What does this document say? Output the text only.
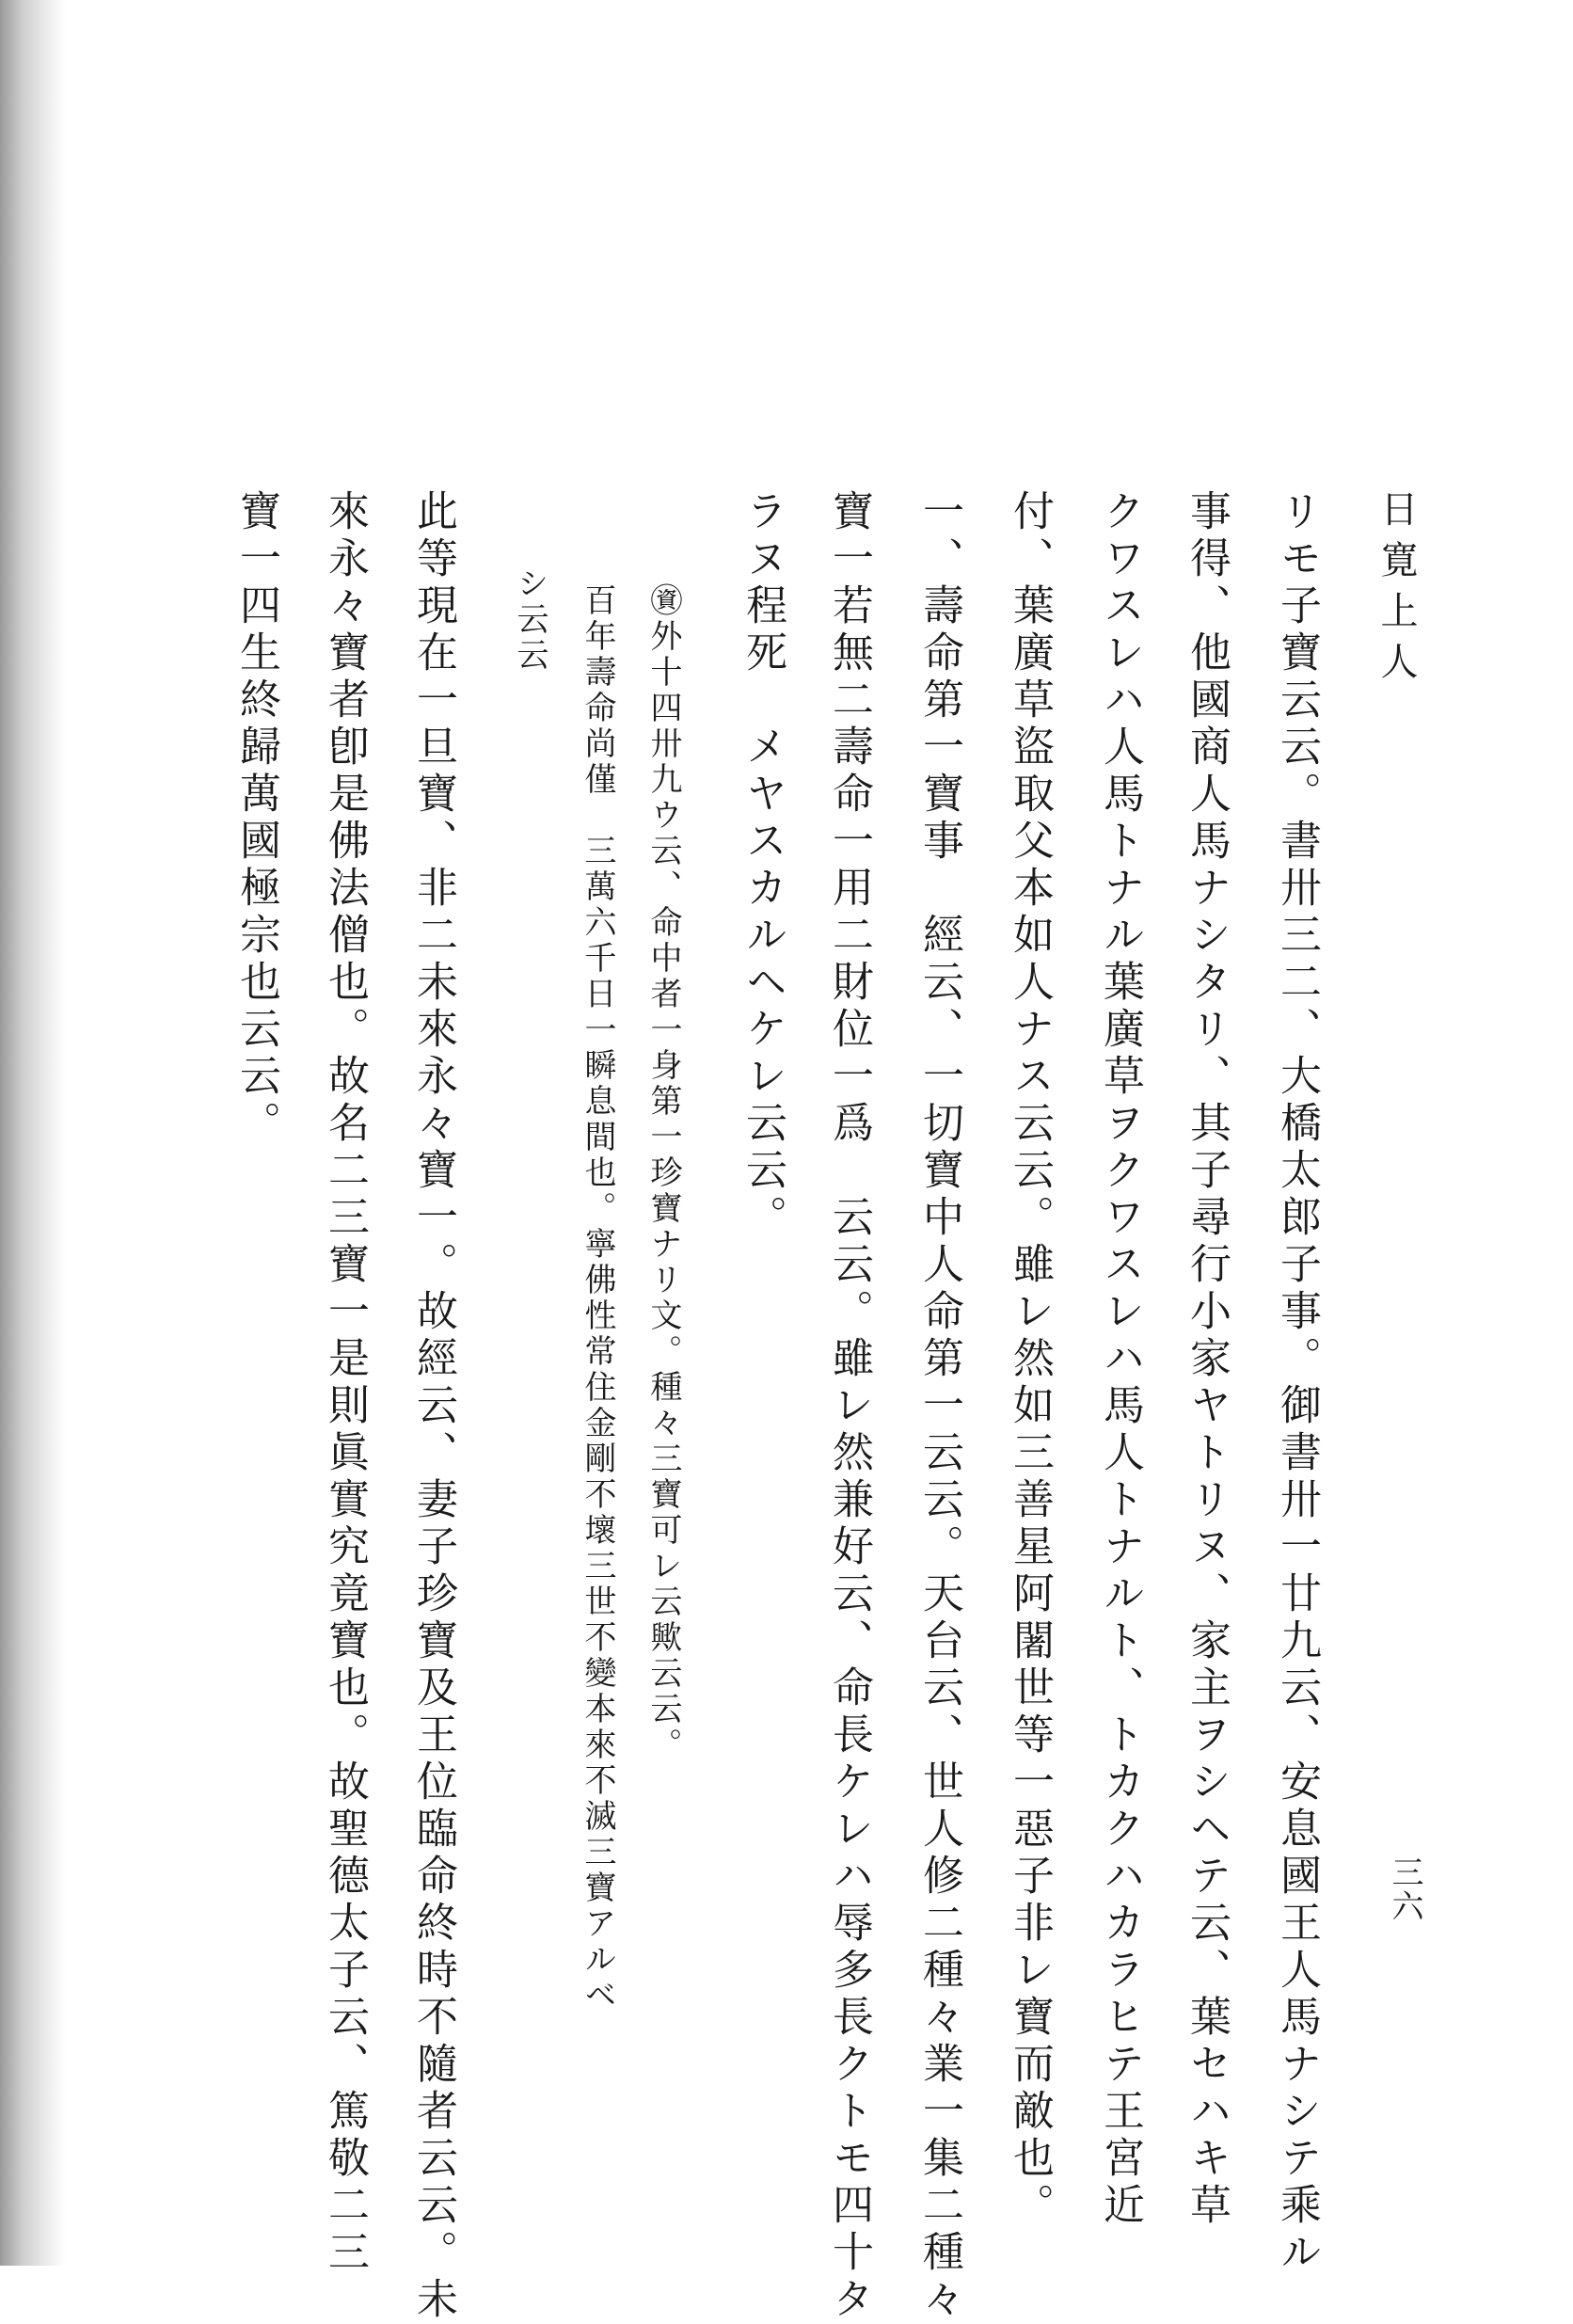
日寛上人
三六
リモ子寶云云。書卅三二、大橋太郎子事。御書卅一廿九云、安息國王人馬ナシテ乘ル
事得、他國商人馬ナシタリ、其子尋行小家ヤトリヌ、家主ヲシヘテ云、葉セハキ草
クワスレハ人馬トナル葉廣草ヲクワスレハ馬人トナルト、トカクハカラヒテ王宮近
付、葉廣草盜取父本如人ナス云云。雖レ然如三善星阿闍世等一惡子非レ寶而敵也。
一、壽命第一寶事　經云、一切寶中人命第一云云。天台云、世人修二種々業一集二種々
寶一若無二壽命一用二財位一爲　云云。雖レ然兼好云、命長ケレハ辱多長クトモ四十タ
ラヌ程死　メヤスカルヘケレ云云。
㊮外十四卅九ウ云、命中者一身第一珍寶ナリ文。種々三寶可レ云歟云云。
百年壽命尚僅　三萬六千日一瞬息間也。寧佛性常住金剛不壞三世不變本來不滅三寶アルベ
シ云云
此等現在一旦寶、非二未來永々寶一。故經云、妻子珍寶及王位臨命終時不隨者云云。未
來永々寶者卽是佛法僧也。故名二三寶一是則眞實究竟寶也。故聖德太子云、篤敬二三
寶一四生終歸萬國極宗也云云。
